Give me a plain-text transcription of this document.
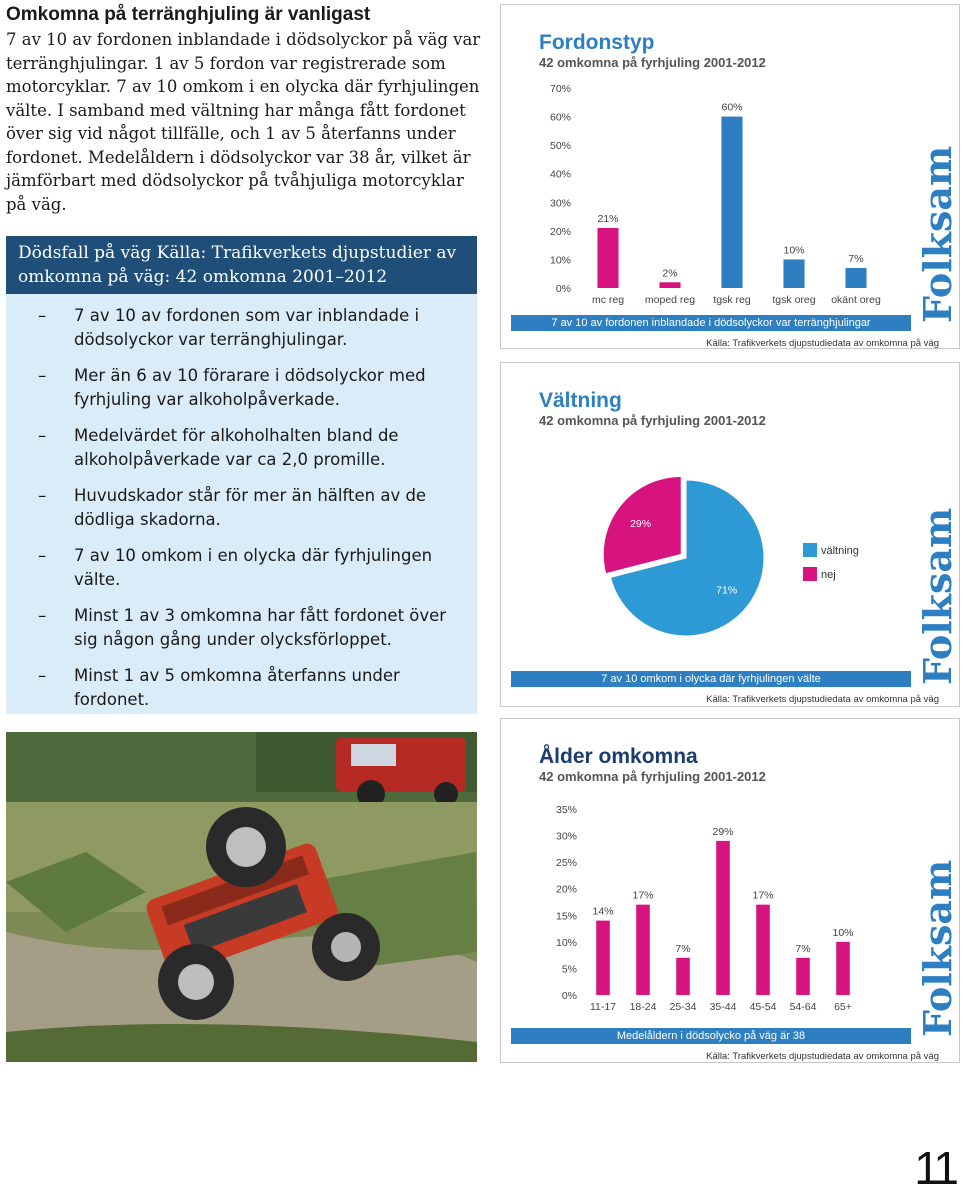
Omkomna på terränghjuling är vanligast
7 av 10 av fordonen inblandade i dödsolyckor på väg var terränghjulingar. 1 av 5 fordon var registrerade som motorcyklar. 7 av 10 omkom i en olycka där fyrhjulingen välte. I samband med vältning har många fått fordonet över sig vid något tillfälle, och 1 av 5 återfanns under fordonet. Medelåldern i dödsolyckor var 38 år, vilket är jämförbart med dödsolyckor på tvåhjuliga motorcyklar på väg.
Dödsfall på väg Källa: Trafikverkets djupstudier av omkomna på väg: 42 omkomna 2001–2012
– 7 av 10 av fordonen som var inblandade i dödsolyckor var terränghjulingar.
– Mer än 6 av 10 förarare i dödsolyckor med fyrhjuling var alkoholpåverkade.
– Medelvärdet för alkoholhalten bland de alkoholpåverkade var ca 2,0 promille.
– Huvudskador står för mer än hälften av de dödliga skadorna.
– 7 av 10 omkom i en olycka där fyrhjulingen välte.
– Minst 1 av 3 omkomna har fått fordonet över sig någon gång under olycksförloppet.
– Minst 1 av 5 omkomna återfanns under fordonet.
Fordonstyp
42 omkomna på fyrhjuling 2001-2012
0%
10%
20%
30%
40%
50%
60%
70%
21%
mc reg
2%
moped reg
60%
tgsk reg
10%
tgsk oreg
7%
okänt oreg
7 av 10 av fordonen inblandade i dödsolyckor var terränghjulingar
Källa: Trafikverkets djupstudiedata av omkomna på väg
Folksam
Vältning
42 omkomna på fyrhjuling 2001-2012
29%
71%
vältning
nej
7 av 10 omkom i olycka där fyrhjulingen välte
Källa: Trafikverkets djupstudiedata av omkomna på väg
Folksam
Ålder omkomna
42 omkomna på fyrhjuling 2001-2012
0%
5%
10%
15%
20%
25%
30%
35%
14%
11-17
17%
18-24
7%
25-34
29%
35-44
17%
45-54
7%
54-64
10%
65+
Medelåldern i dödsolycko på väg är 38
Källa: Trafikverkets djupstudiedata av omkomna på väg
Folksam
11
